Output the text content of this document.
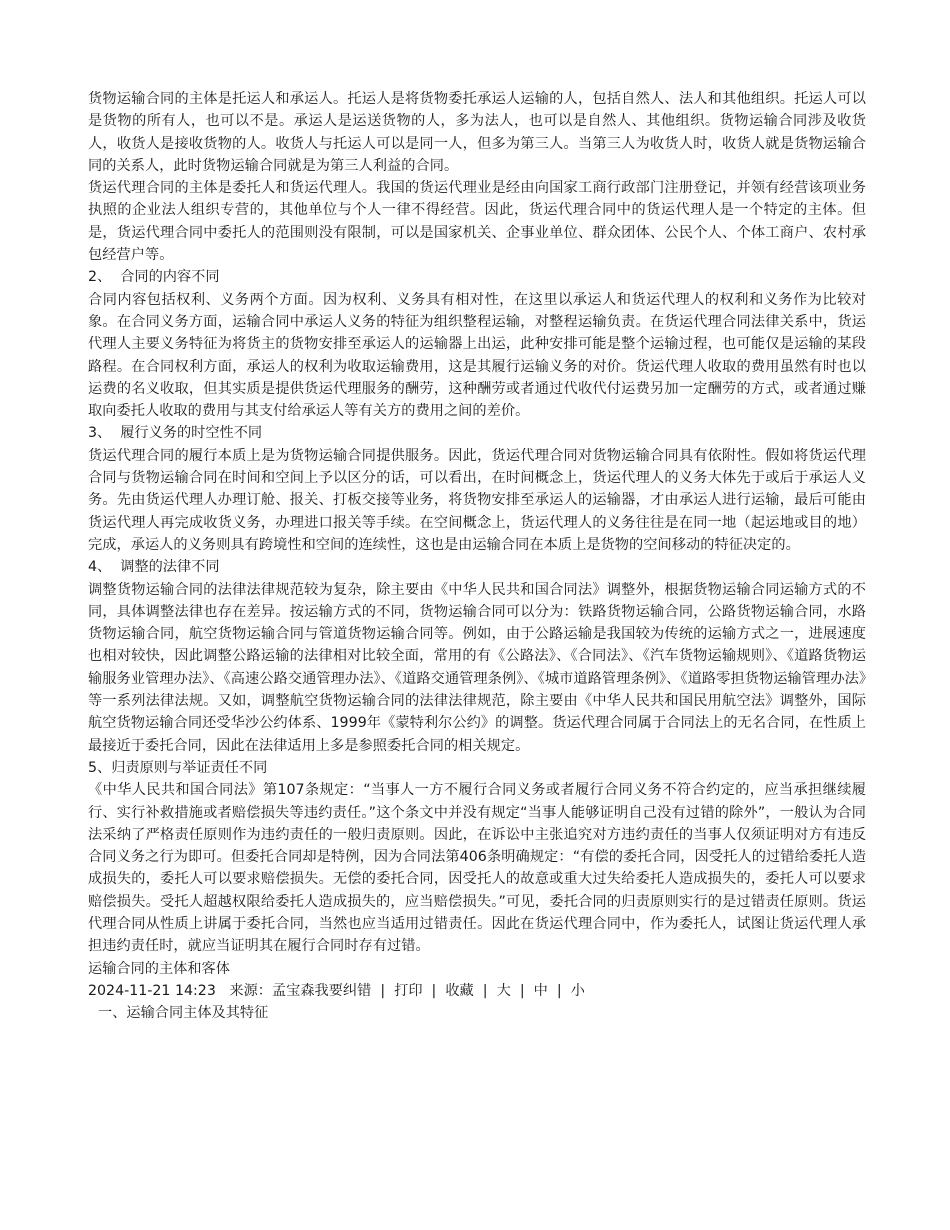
货物运输合同的主体是托运人和承运人。托运人是将货物委托承运人运输的人，包括自然人、法人和其他组织。托运人可以是货物的所有人，也可以不是。承运人是运送货物的人，多为法人，也可以是自然人、其他组织。货物运输合同涉及收货人，收货人是接收货物的人。收货人与托运人可以是同一人，但多为第三人。当第三人为收货人时，收货人就是货物运输合同的关系人，此时货物运输合同就是为第三人利益的合同。

货运代理合同的主体是委托人和货运代理人。我国的货运代理业是经由向国家工商行政部门注册登记，并领有经营该项业务执照的企业法人组织专营的，其他单位与个人一律不得经营。因此，货运代理合同中的货运代理人是一个特定的主体。但是，货运代理合同中委托人的范围则没有限制，可以是国家机关、企事业单位、群众团体、公民个人、个体工商户、农村承包经营户等。

2、  合同的内容不同

合同内容包括权利、义务两个方面。因为权利、义务具有相对性，在这里以承运人和货运代理人的权利和义务作为比较对象。在合同义务方面，运输合同中承运人义务的特征为组织整程运输，对整程运输负责。在货运代理合同法律关系中，货运代理人主要义务特征为将货主的货物安排至承运人的运输器上出运，此种安排可能是整个运输过程，也可能仅是运输的某段路程。在合同权利方面，承运人的权利为收取运输费用，这是其履行运输义务的对价。货运代理人收取的费用虽然有时也以运费的名义收取，但其实质是提供货运代理服务的酬劳，这种酬劳或者通过代收代付运费另加一定酬劳的方式，或者通过赚取向委托人收取的费用与其支付给承运人等有关方的费用之间的差价。

3、  履行义务的时空性不同

货运代理合同的履行本质上是为货物运输合同提供服务。因此，货运代理合同对货物运输合同具有依附性。假如将货运代理合同与货物运输合同在时间和空间上予以区分的话，可以看出，在时间概念上，货运代理人的义务大体先于或后于承运人义务。先由货运代理人办理订舱、报关、打板交接等业务，将货物安排至承运人的运输器，才由承运人进行运输，最后可能由货运代理人再完成收货义务，办理进口报关等手续。在空间概念上，货运代理人的义务往往是在同一地（起运地或目的地）完成，承运人的义务则具有跨境性和空间的连续性，这也是由运输合同在本质上是货物的空间移动的特征决定的。

4、  调整的法律不同

调整货物运输合同的法律法律规范较为复杂，除主要由《中华人民共和国合同法》调整外，根据货物运输合同运输方式的不同，具体调整法律也存在差异。按运输方式的不同，货物运输合同可以分为：铁路货物运输合同，公路货物运输合同，水路货物运输合同，航空货物运输合同与管道货物运输合同等。例如，由于公路运输是我国较为传统的运输方式之一，进展速度也相对较快，因此调整公路运输的法律相对比较全面，常用的有《公路法》、《合同法》、《汽车货物运输规则》、《道路货物运输服务业管理办法》、《高速公路交通管理办法》、《道路交通管理条例》、《城市道路管理条例》、《道路零担货物运输管理办法》等一系列法律法规。又如，调整航空货物运输合同的法律法律规范，除主要由《中华人民共和国民用航空法》调整外，国际航空货物运输合同还受华沙公约体系、1999年《蒙特利尔公约》的调整。货运代理合同属于合同法上的无名合同，在性质上最接近于委托合同，因此在法律适用上多是参照委托合同的相关规定。

5、归责原则与举证责任不同

《中华人民共和国合同法》第107条规定：“当事人一方不履行合同义务或者履行合同义务不符合约定的，应当承担继续履行、实行补救措施或者赔偿损失等违约责任。”这个条文中并没有规定“当事人能够证明自己没有过错的除外”，一般认为合同法采纳了严格责任原则作为违约责任的一般归责原则。因此，在诉讼中主张追究对方违约责任的当事人仅须证明对方有违反合同义务之行为即可。但委托合同却是特例，因为合同法第406条明确规定：“有偿的委托合同，因受托人的过错给委托人造成损失的，委托人可以要求赔偿损失。无偿的委托合同，因受托人的故意或重大过失给委托人造成损失的，委托人可以要求赔偿损失。受托人超越权限给委托人造成损失的，应当赔偿损失。”可见，委托合同的归责原则实行的是过错责任原则。货运代理合同从性质上讲属于委托合同，当然也应当适用过错责任。因此在货运代理合同中，作为委托人，试图让货运代理人承担违约责任时，就应当证明其在履行合同时存有过错。

运输合同的主体和客体

2024-11-21 14:23 来源：孟宝森我要纠错 | 打印 | 收藏 | 大 | 中 | 小

一、运输合同主体及其特征
